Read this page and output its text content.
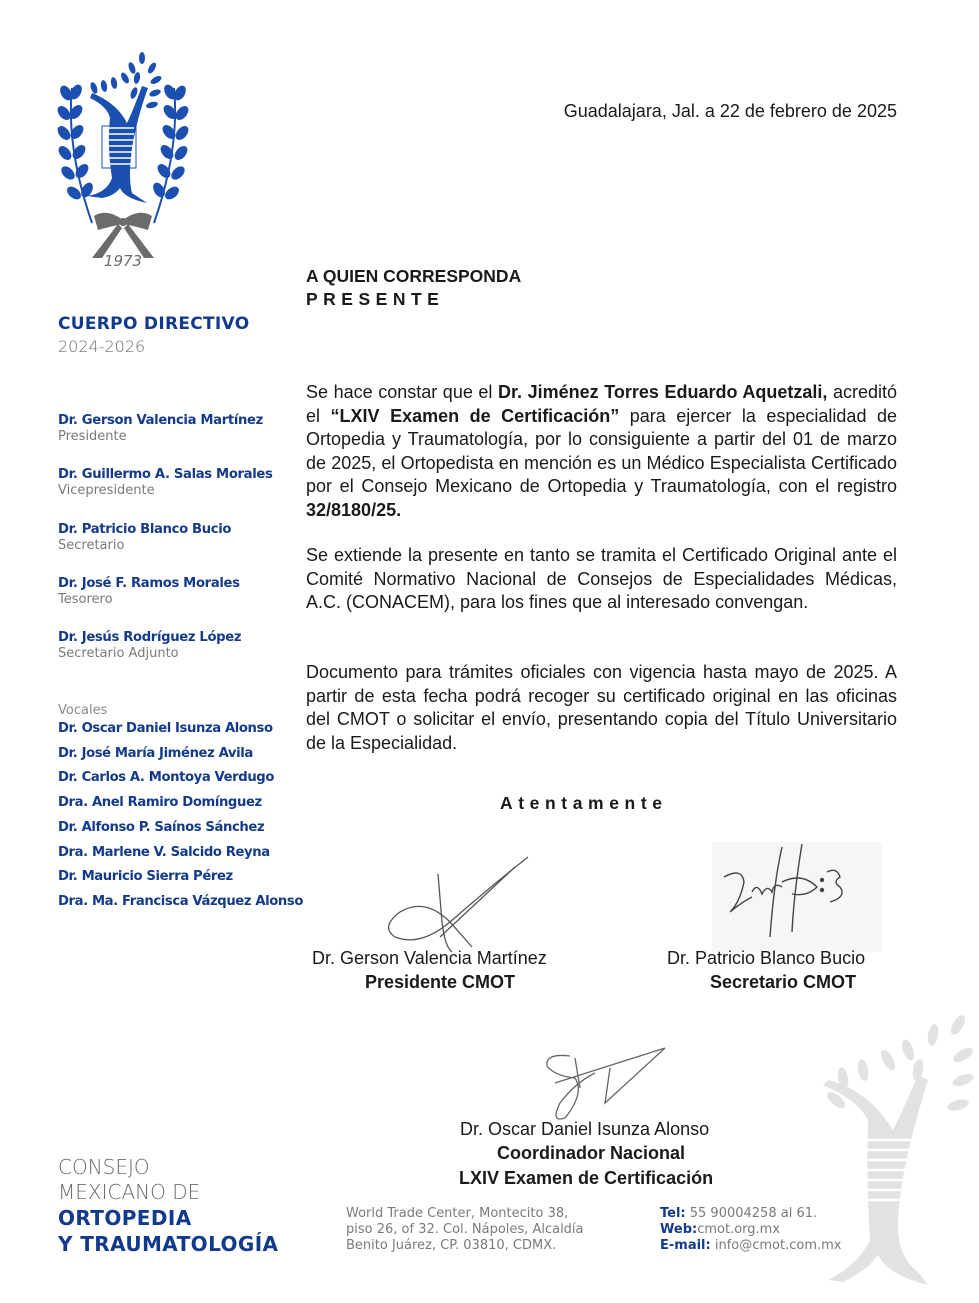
1973
CUERPO DIRECTIVO
2024-2026
Dr. Gerson Valencia Martínez
Presidente
Dr. Guillermo A. Salas Morales
Vicepresidente
Dr. Patricio Blanco Bucio
Secretario
Dr. José F. Ramos Morales
Tesorero
Dr. Jesús Rodríguez López
Secretario Adjunto
Vocales
Dr. Oscar Daniel Isunza Alonso
Dr. José María Jiménez Avila
Dr. Carlos A. Montoya Verdugo
Dra. Anel Ramiro Domínguez
Dr. Alfonso P. Saínos Sánchez
Dra. Marlene V. Salcido Reyna
Dr. Mauricio Sierra Pérez
Dra. Ma. Francisca Vázquez Alonso
Guadalajara, Jal. a 22 de febrero de 2025
A QUIEN CORRESPONDA
PRESENTE
Se hace constar que el Dr. Jiménez Torres Eduardo Aquetzali, acreditó el “LXIV Examen de Certificación” para ejercer la especialidad de Ortopedia y Traumatología, por lo consiguiente a partir del 01 de marzo de 2025, el Ortopedista en mención es un Médico Especialista Certificado por el Consejo Mexicano de Ortopedia y Traumatología, con el registro 32/8180/25.
Se extiende la presente en tanto se tramita el Certificado Original ante el Comité Normativo Nacional de Consejos de Especialidades Médicas, A.C. (CONACEM), para los fines que al interesado convengan.
Documento para trámites oficiales con vigencia hasta mayo de 2025. A partir de esta fecha podrá recoger su certificado original en las oficinas del CMOT o solicitar el envío, presentando copia del Título Universitario de la Especialidad.
Atentamente
Dr. Gerson Valencia Martínez
Presidente CMOT
Dr. Patricio Blanco Bucio
Secretario CMOT
Dr. Oscar Daniel Isunza Alonso
Coordinador Nacional
LXIV Examen de Certificación
CONSEJO
MEXICANO DE
ORTOPEDIA
Y TRAUMATOLOGÍA
World Trade Center, Montecito 38,
piso 26, of 32. Col. Nápoles, Alcaldía
Benito Juárez, CP. 03810, CDMX.
Tel: 55 90004258 al 61.
Web:cmot.org.mx
E-mail: info@cmot.com.mx
